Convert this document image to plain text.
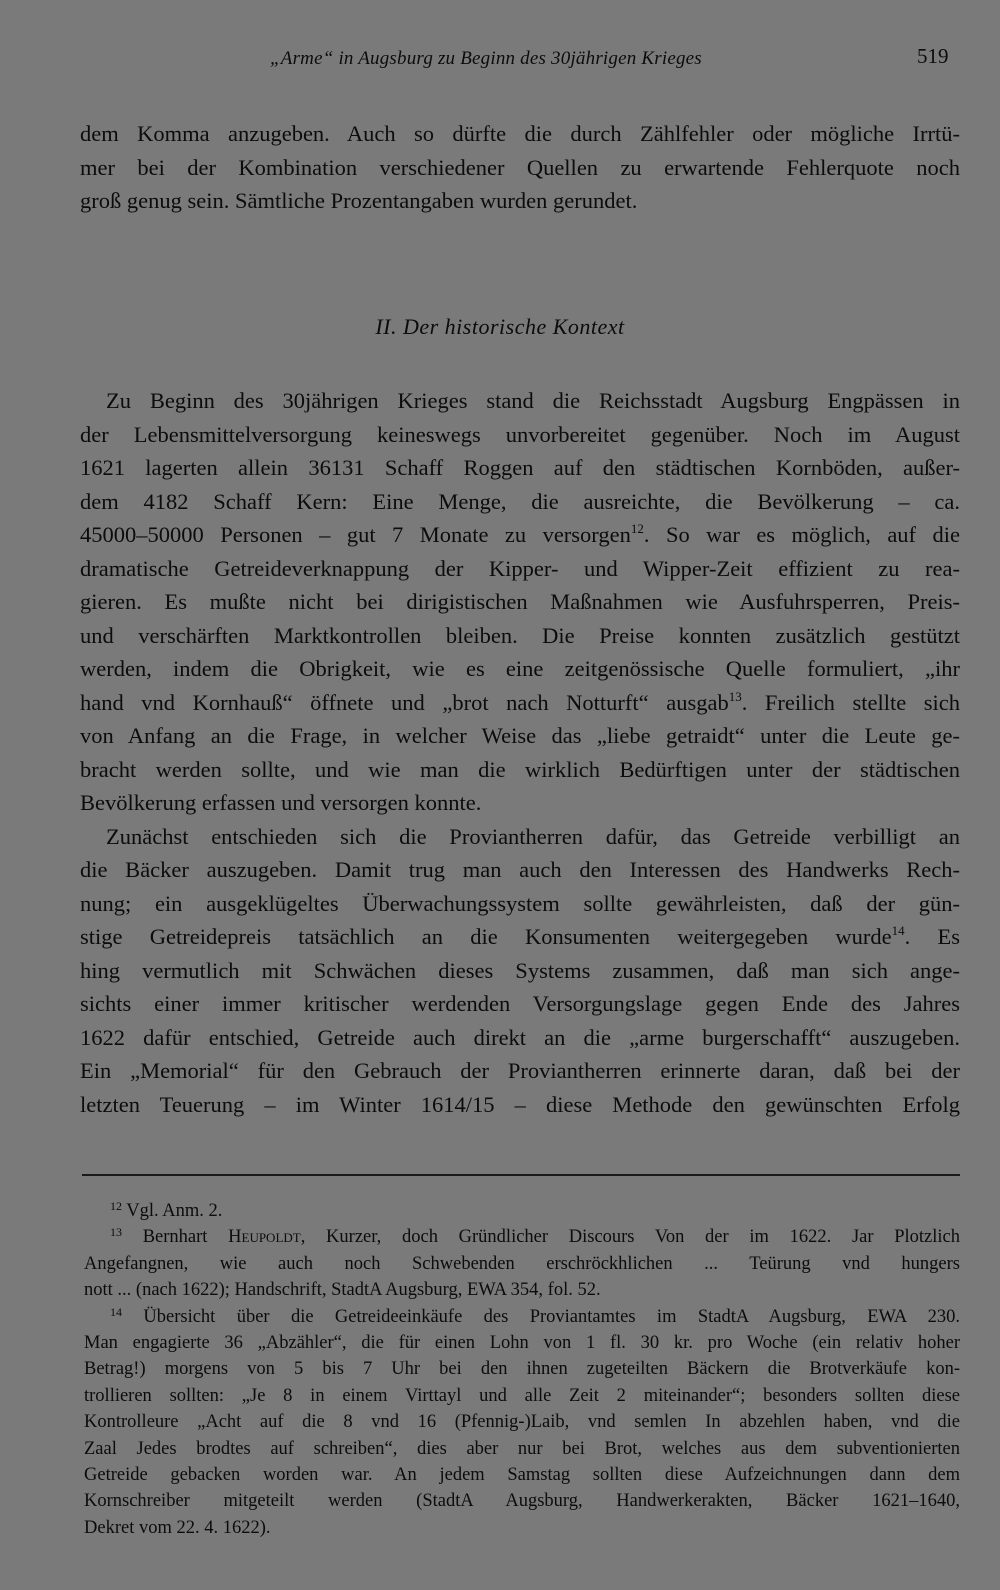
„Arme“ in Augsburg zu Beginn des 30jährigen Krieges	519
dem Komma anzugeben. Auch so dürfte die durch Zählfehler oder mögliche Irrtü-
mer bei der Kombination verschiedener Quellen zu erwartende Fehlerquote noch
groß genug sein. Sämtliche Prozentangaben wurden gerundet.
II. Der historische Kontext
Zu Beginn des 30jährigen Krieges stand die Reichsstadt Augsburg Engpässen in
der Lebensmittelversorgung keineswegs unvorbereitet gegenüber. Noch im August
1621 lagerten allein 36131 Schaff Roggen auf den städtischen Kornböden, außer-
dem 4182 Schaff Kern: Eine Menge, die ausreichte, die Bevölkerung – ca.
45000–50000 Personen – gut 7 Monate zu versorgen$^{12}$. So war es möglich, auf die
dramatische Getreideverknappung der Kipper- und Wipper-Zeit effizient zu rea-
gieren. Es mußte nicht bei dirigistischen Maßnahmen wie Ausfuhrsperren, Preis-
und verschärften Marktkontrollen bleiben. Die Preise konnten zusätzlich gestützt
werden, indem die Obrigkeit, wie es eine zeitgenössische Quelle formuliert, „ihr
hand vnd Kornhauß“ öffnete und „brot nach Notturft“ ausgab$^{13}$. Freilich stellte sich
von Anfang an die Frage, in welcher Weise das „liebe getraidt“ unter die Leute ge-
bracht werden sollte, und wie man die wirklich Bedürftigen unter der städtischen
Bevölkerung erfassen und versorgen konnte.
Zunächst entschieden sich die Proviantherren dafür, das Getreide verbilligt an
die Bäcker auszugeben. Damit trug man auch den Interessen des Handwerks Rech-
nung; ein ausgeklügeltes Überwachungssystem sollte gewährleisten, daß der gün-
stige Getreidepreis tatsächlich an die Konsumenten weitergegeben wurde$^{14}$. Es
hing vermutlich mit Schwächen dieses Systems zusammen, daß man sich ange-
sichts einer immer kritischer werdenden Versorgungslage gegen Ende des Jahres
1622 dafür entschied, Getreide auch direkt an die „arme burgerschafft“ auszugeben.
Ein „Memorial“ für den Gebrauch der Proviantherren erinnerte daran, daß bei der
letzten Teuerung – im Winter 1614/15 – diese Methode den gewünschten Erfolg
$^{12}$ Vgl. Anm. 2.
$^{13}$ Bernhart Heupoldt, Kurzer, doch Gründlicher Discours Von der im 1622. Jar Plotzlich
Angefangnen, wie auch noch Schwebenden erschröckhlichen ... Teürung vnd hungers
nott ... (nach 1622); Handschrift, StadtA Augsburg, EWA 354, fol. 52.
$^{14}$ Übersicht über die Getreideeinkäufe des Proviantamtes im StadtA Augsburg, EWA 230.
Man engagierte 36 „Abzähler“, die für einen Lohn von 1 fl. 30 kr. pro Woche (ein relativ hoher
Betrag!) morgens von 5 bis 7 Uhr bei den ihnen zugeteilten Bäckern die Brotverkäufe kon-
trollieren sollten: „Je 8 in einem Virttayl und alle Zeit 2 miteinander“; besonders sollten diese
Kontrolleure „Acht auf die 8 vnd 16 (Pfennig-)Laib, vnd semlen In abzehlen haben, vnd die
Zaal Jedes brodtes auf schreiben“, dies aber nur bei Brot, welches aus dem subventionierten
Getreide gebacken worden war. An jedem Samstag sollten diese Aufzeichnungen dann dem
Kornschreiber mitgeteilt werden (StadtA Augsburg, Handwerkerakten, Bäcker 1621–1640,
Dekret vom 22. 4. 1622).
